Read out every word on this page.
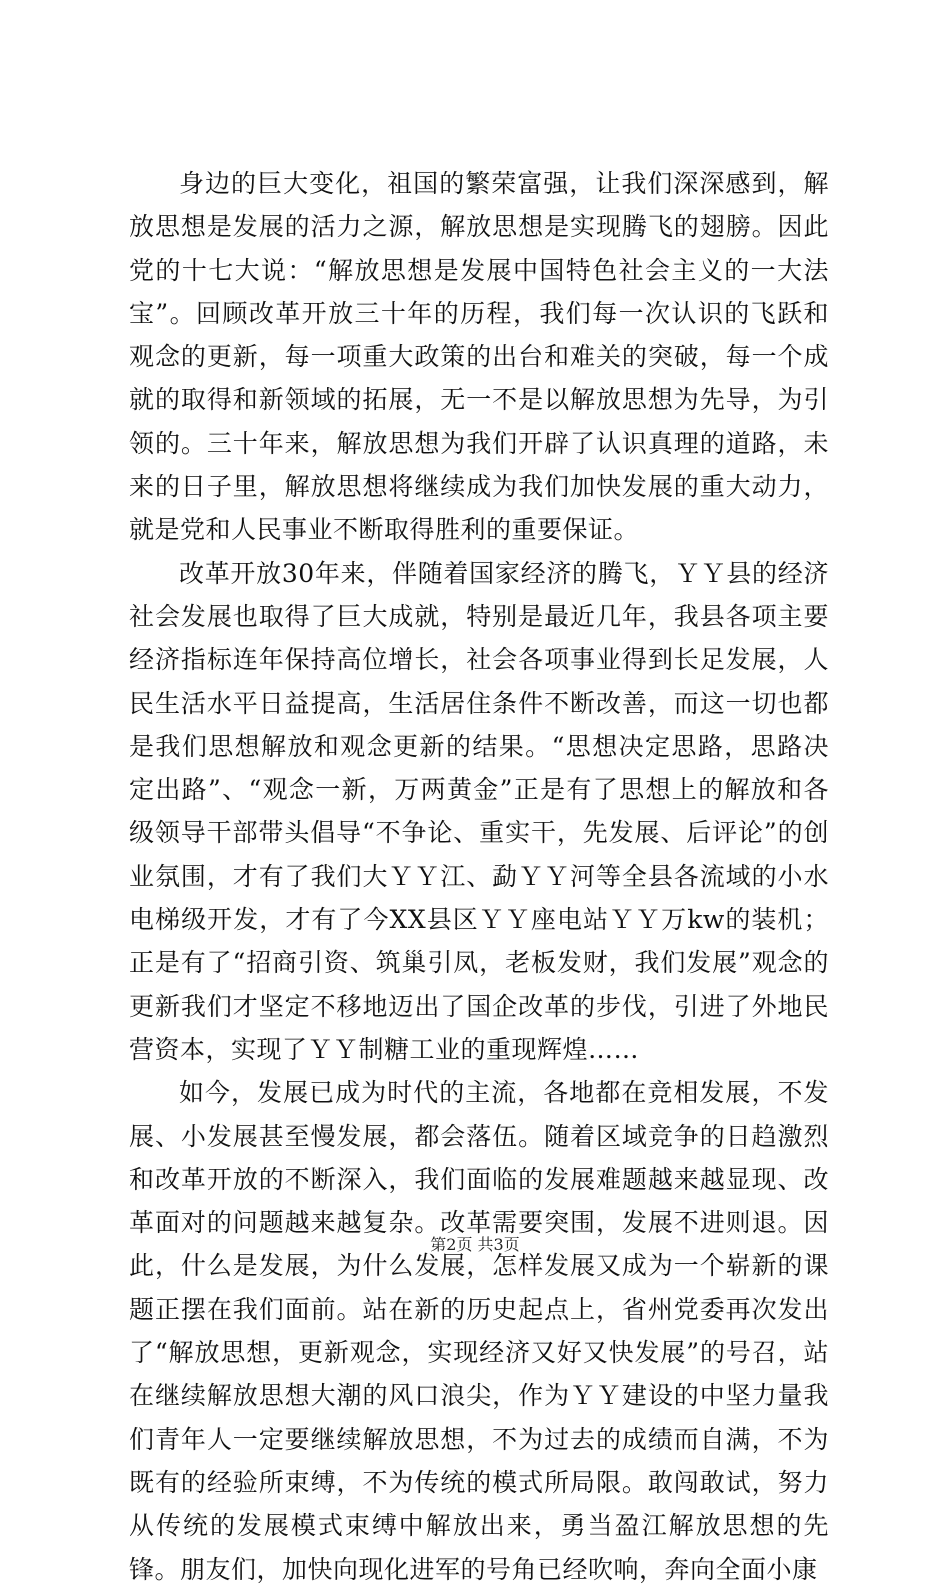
身边的巨大变化，祖国的繁荣富强，让我们深深感到，解放思想是发展的活力之源，解放思想是实现腾飞的翅膀。因此党的十七大说：“解放思想是发展中国特色社会主义的一大法宝”。回顾改革开放三十年的历程，我们每一次认识的飞跃和观念的更新，每一项重大政策的出台和难关的突破，每一个成就的取得和新领域的拓展，无一不是以解放思想为先导，为引领的。三十年来，解放思想为我们开辟了认识真理的道路，未来的日子里，解放思想将继续成为我们加快发展的重大动力，就是党和人民事业不断取得胜利的重要保证。

改革开放30年来，伴随着国家经济的腾飞，ＹＹ县的经济社会发展也取得了巨大成就，特别是最近几年，我县各项主要经济指标连年保持高位增长，社会各项事业得到长足发展，人民生活水平日益提高，生活居住条件不断改善，而这一切也都是我们思想解放和观念更新的结果。“思想决定思路，思路决定出路”、“观念一新，万两黄金”正是有了思想上的解放和各级领导干部带头倡导“不争论、重实干，先发展、后评论”的创业氛围，才有了我们大ＹＹ江、勐ＹＹ河等全县各流域的小水电梯级开发，才有了今XX县区ＹＹ座电站ＹＹ万kw的装机；正是有了“招商引资、筑巢引凤，老板发财，我们发展”观念的更新我们才坚定不移地迈出了国企改革的步伐，引进了外地民营资本，实现了ＹＹ制糖工业的重现辉煌……

如今，发展已成为时代的主流，各地都在竞相发展，不发展、小发展甚至慢发展，都会落伍。随着区域竞争的日趋激烈和改革开放的不断深入，我们面临的发展难题越来越显现、改革面对的问题越来越复杂。改革需要突围，发展不进则退。因此，什么是发展，为什么发展，怎样发展又成为一个崭新的课题正摆在我们面前。站在新的历史起点上，省州党委再次发出了“解放思想，更新观念，实现经济又好又快发展”的号召，站在继续解放思想大潮的风口浪尖，作为ＹＹ建设的中坚力量我们青年人一定要继续解放思想，不为过去的成绩而自满，不为既有的经验所束缚，不为传统的模式所局限。敢闯敢试，努力从传统的发展模式束缚中解放出来，勇当盈江解放思想的先锋。朋友们，加快向现化进军的号角已经吹响，奔向全面小康

第2页 共3页
